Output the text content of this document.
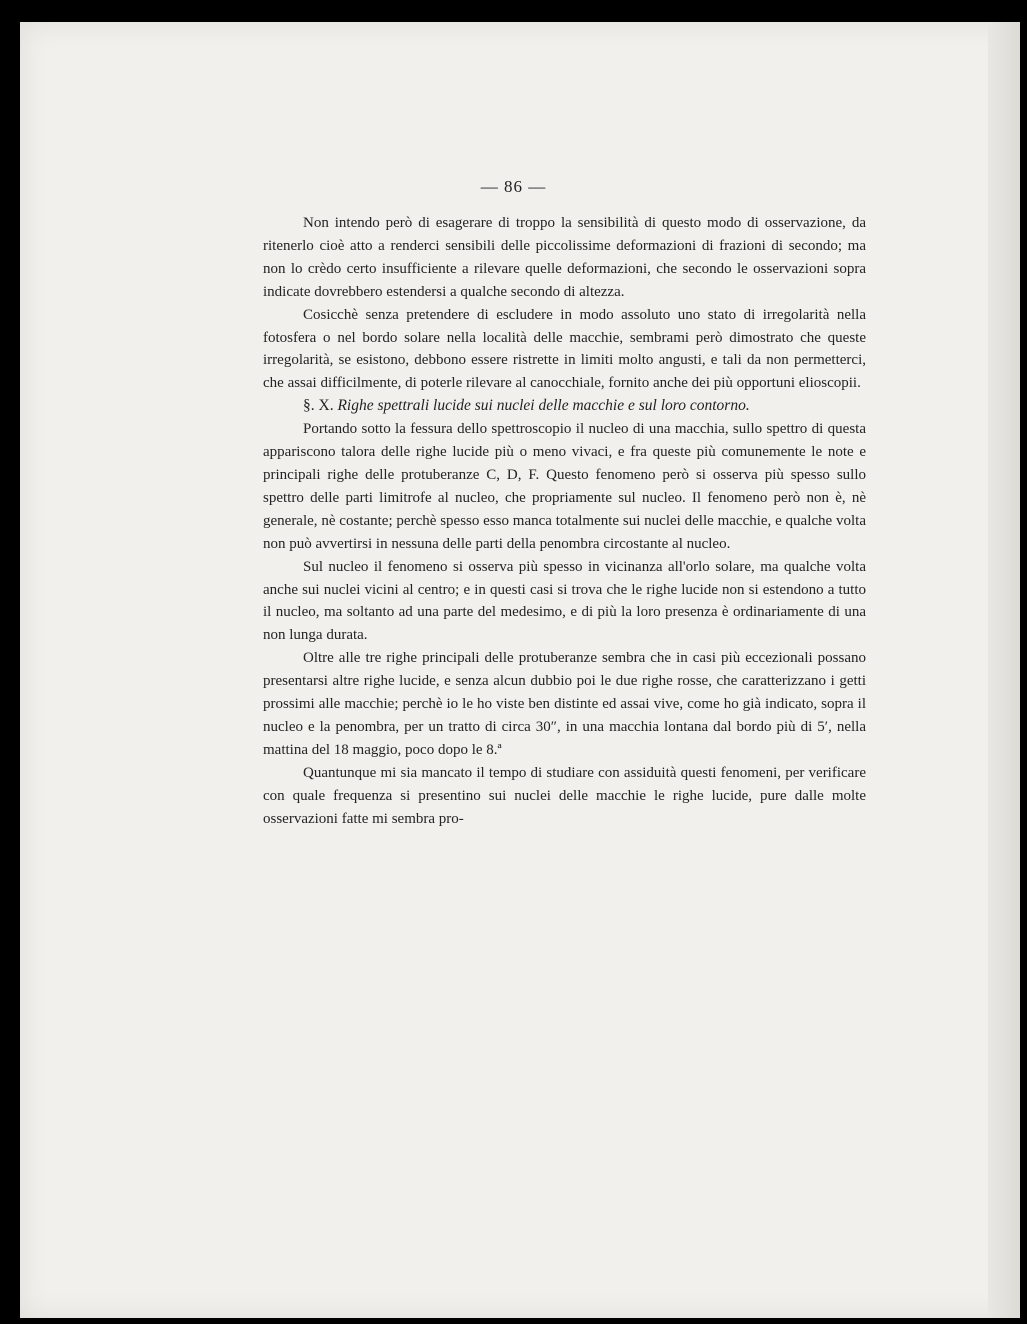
— 86 —

Non intendo però di esagerare di troppo la sensibilità di questo modo di osservazione, da ritenerlo cioè atto a renderci sensibili delle piccolissime deformazioni di frazioni di secondo; ma non lo crèdo certo insufficiente a rilevare quelle deformazioni, che secondo le osservazioni sopra indicate dovrebbero estendersi a qualche secondo di altezza.

Cosicchè senza pretendere di escludere in modo assoluto uno stato di irregolarità nella fotosfera o nel bordo solare nella località delle macchie, sembrami però dimostrato che queste irregolarità, se esistono, debbono essere ristrette in limiti molto angusti, e tali da non permetterci, che assai difficilmente, di poterle rilevare al canocchiale, fornito anche dei più opportuni elioscopii.

§. X. Righe spettrali lucide sui nuclei delle macchie e sul loro contorno.

Portando sotto la fessura dello spettroscopio il nucleo di una macchia, sullo spettro di questa appariscono talora delle righe lucide più o meno vivaci, e fra queste più comunemente le note e principali righe delle protuberanze C, D, F. Questo fenomeno però si osserva più spesso sullo spettro delle parti limitrofe al nucleo, che propriamente sul nucleo. Il fenomeno però non è, nè generale, nè costante; perchè spesso esso manca totalmente sui nuclei delle macchie, e qualche volta non può avvertirsi in nessuna delle parti della penombra circostante al nucleo.

Sul nucleo il fenomeno si osserva più spesso in vicinanza all'orlo solare, ma qualche volta anche sui nuclei vicini al centro; e in questi casi si trova che le righe lucide non si estendono a tutto il nucleo, ma soltanto ad una parte del medesimo, e di più la loro presenza è ordinariamente di una non lunga durata.

Oltre alle tre righe principali delle protuberanze sembra che in casi più eccezionali possano presentarsi altre righe lucide, e senza alcun dubbio poi le due righe rosse, che caratterizzano i getti prossimi alle macchie; perchè io le ho viste ben distinte ed assai vive, come ho già indicato, sopra il nucleo e la penombra, per un tratto di circa 30″, in una macchia lontana dal bordo più di 5′, nella mattina del 18 maggio, poco dopo le 8.ª

Quantunque mi sia mancato il tempo di studiare con assiduità questi fenomeni, per verificare con quale frequenza si presentino sui nuclei delle macchie le righe lucide, pure dalle molte osservazioni fatte mi sembra pro-
